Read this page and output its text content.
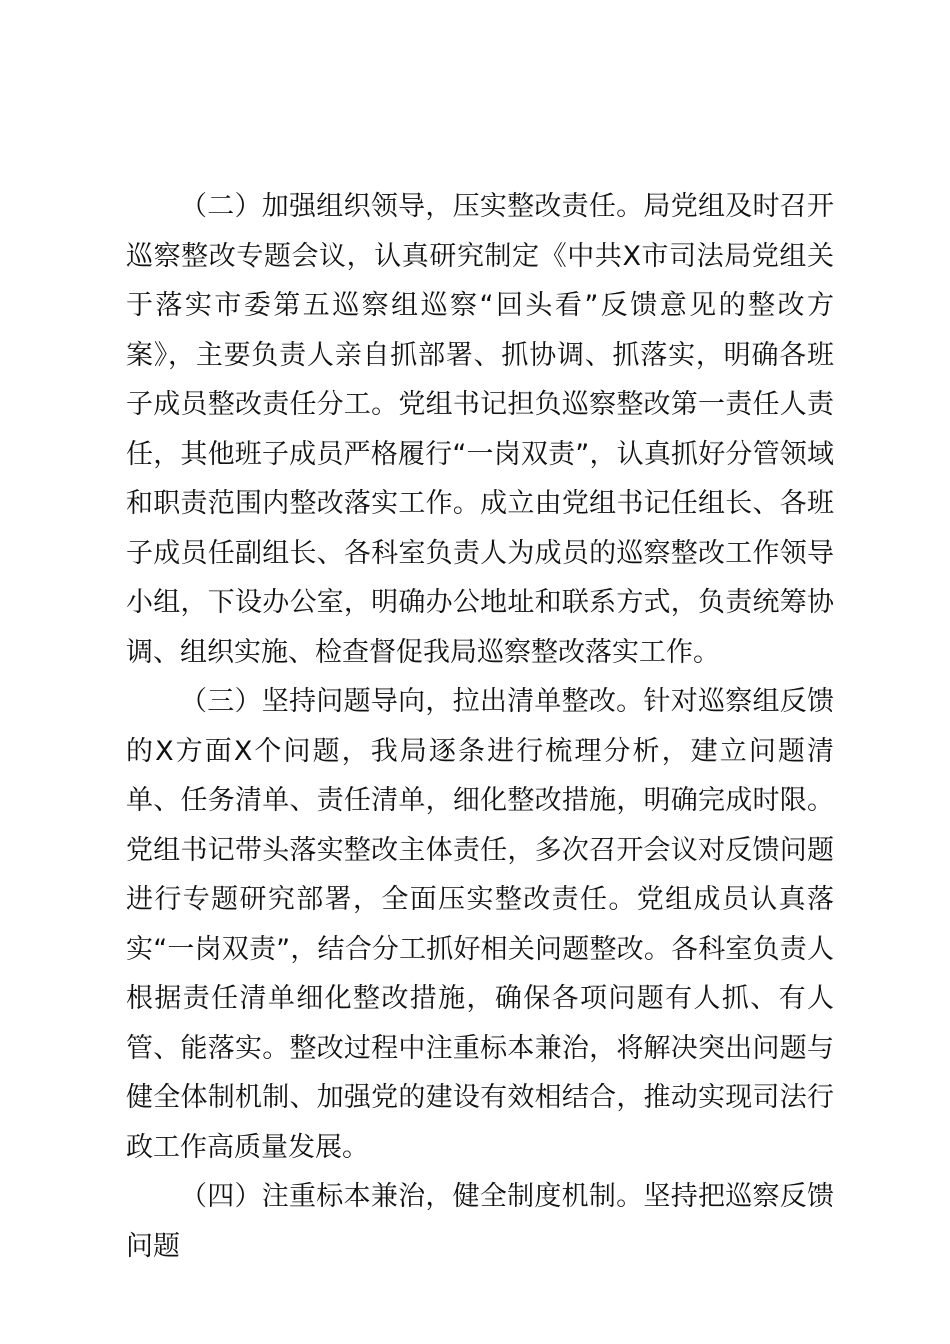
（二）加强组织领导，压实整改责任。局党组及时召开巡察整改专题会议，认真研究制定《中共X市司法局党组关于落实市委第五巡察组巡察“回头看”反馈意见的整改方案》，主要负责人亲自抓部署、抓协调、抓落实，明确各班子成员整改责任分工。党组书记担负巡察整改第一责任人责任，其他班子成员严格履行“一岗双责”，认真抓好分管领域和职责范围内整改落实工作。成立由党组书记任组长、各班子成员任副组长、各科室负责人为成员的巡察整改工作领导小组，下设办公室，明确办公地址和联系方式，负责统筹协调、组织实施、检查督促我局巡察整改落实工作。

（三）坚持问题导向，拉出清单整改。针对巡察组反馈的X方面X个问题，我局逐条进行梳理分析，建立问题清单、任务清单、责任清单，细化整改措施，明确完成时限。党组书记带头落实整改主体责任，多次召开会议对反馈问题进行专题研究部署，全面压实整改责任。党组成员认真落实“一岗双责”，结合分工抓好相关问题整改。各科室负责人根据责任清单细化整改措施，确保各项问题有人抓、有人管、能落实。整改过程中注重标本兼治，将解决突出问题与健全体制机制、加强党的建设有效相结合，推动实现司法行政工作高质量发展。

（四）注重标本兼治，健全制度机制。坚持把巡察反馈问题
